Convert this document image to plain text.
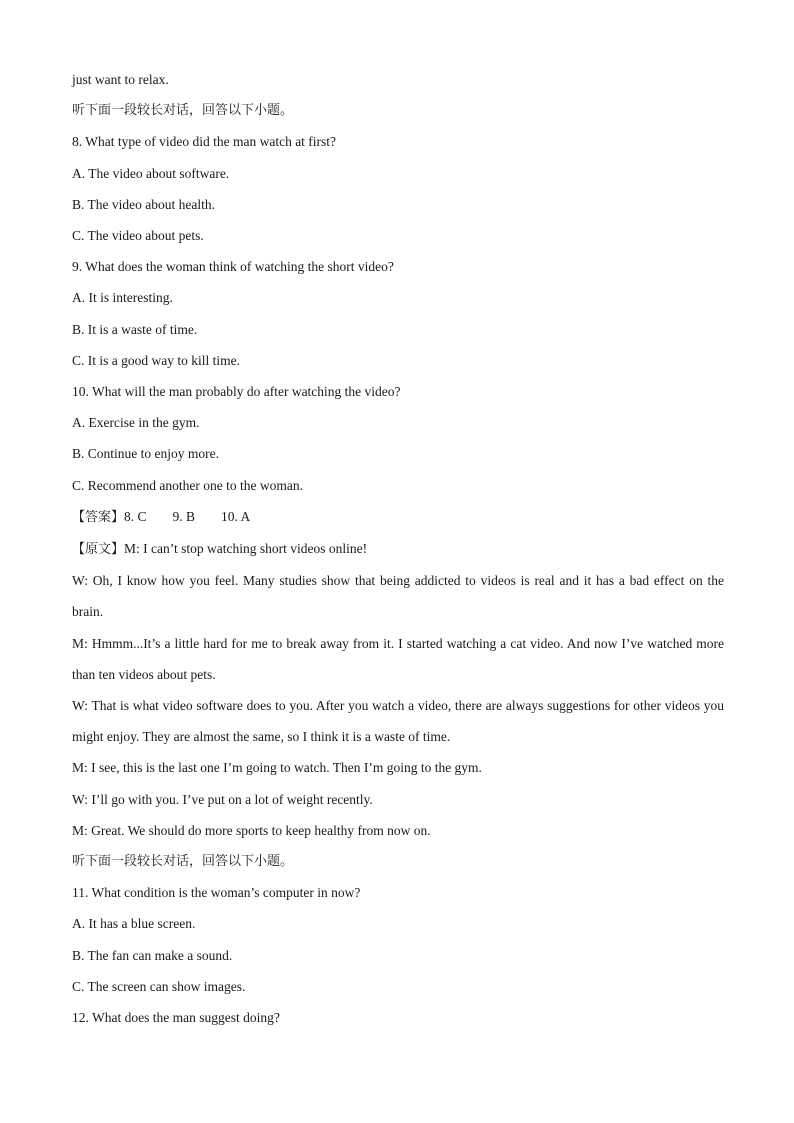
just want to relax.

听下面一段较长对话，回答以下小题。

8. What type of video did the man watch at first?

A. The video about software.

B. The video about health.

C. The video about pets.

9. What does the woman think of watching the short video?

A. It is interesting.

B. It is a waste of time.

C. It is a good way to kill time.

10. What will the man probably do after watching the video?

A. Exercise in the gym.

B. Continue to enjoy more.

C. Recommend another one to the woman.

【答案】8. C 9. B 10. A

【原文】M: I can’t stop watching short videos online!

W: Oh, I know how you feel. Many studies show that being addicted to videos is real and it has a bad effect on the brain.

M: Hmmm...It’s a little hard for me to break away from it. I started watching a cat video. And now I’ve watched more than ten videos about pets.

W: That is what video software does to you. After you watch a video, there are always suggestions for other videos you might enjoy. They are almost the same, so I think it is a waste of time.

M: I see, this is the last one I’m going to watch. Then I’m going to the gym.

W: I’ll go with you. I’ve put on a lot of weight recently.

M: Great. We should do more sports to keep healthy from now on.

听下面一段较长对话，回答以下小题。

11. What condition is the woman’s computer in now?

A. It has a blue screen.

B. The fan can make a sound.

C. The screen can show images.

12. What does the man suggest doing?
